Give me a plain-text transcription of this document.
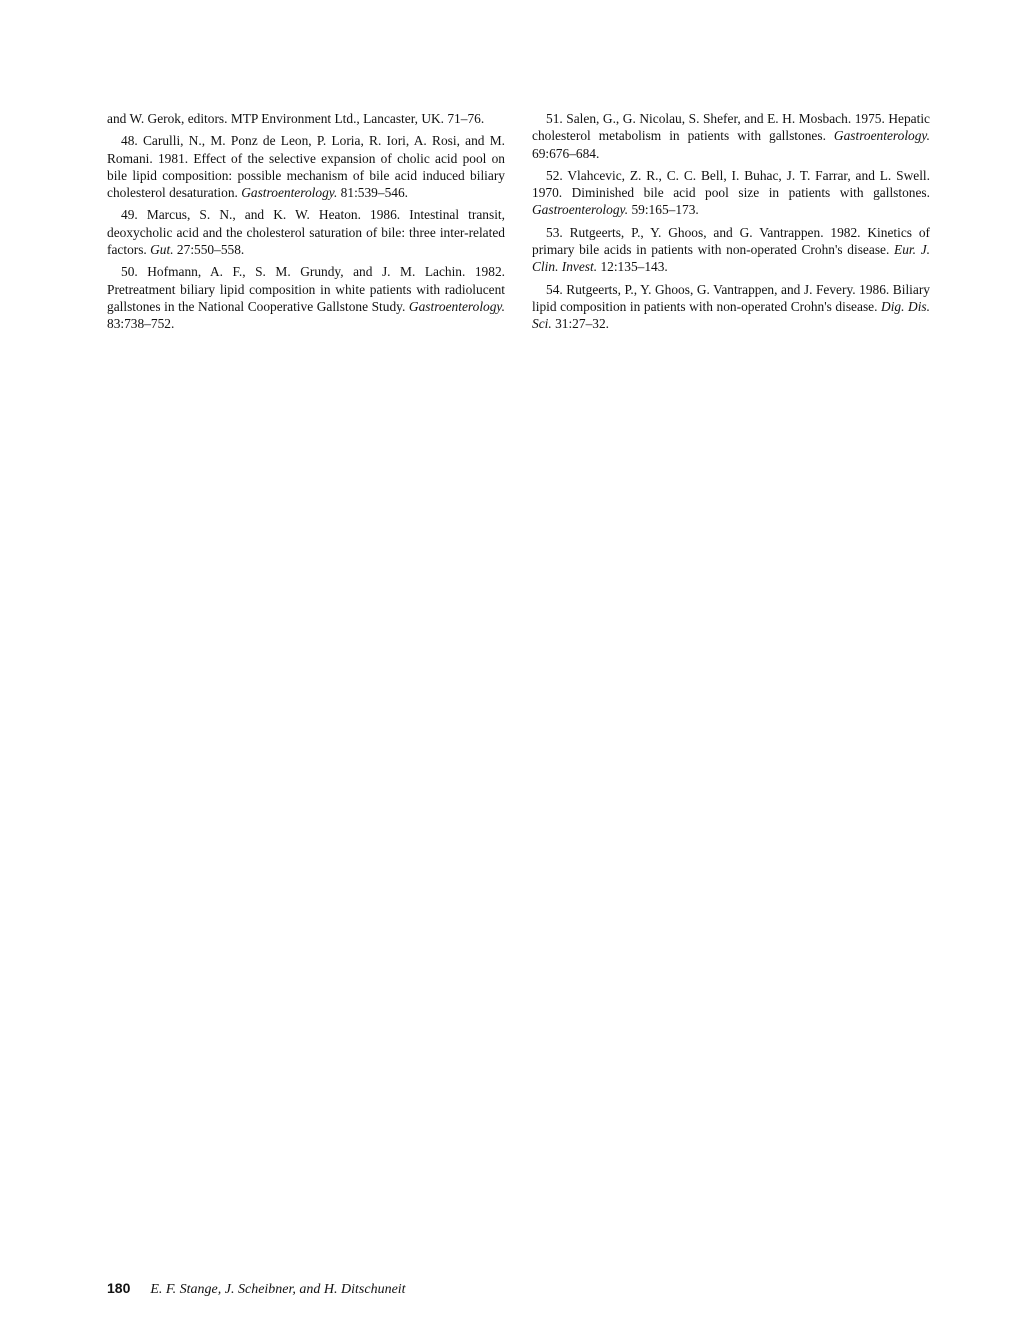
and W. Gerok, editors. MTP Environment Ltd., Lancaster, UK. 71–76.

48. Carulli, N., M. Ponz de Leon, P. Loria, R. Iori, A. Rosi, and M. Romani. 1981. Effect of the selective expansion of cholic acid pool on bile lipid composition: possible mechanism of bile acid induced biliary cholesterol desaturation. Gastroenterology. 81:539–546.

49. Marcus, S. N., and K. W. Heaton. 1986. Intestinal transit, deoxycholic acid and the cholesterol saturation of bile: three inter-related factors. Gut. 27:550–558.

50. Hofmann, A. F., S. M. Grundy, and J. M. Lachin. 1982. Pretreatment biliary lipid composition in white patients with radiolucent gallstones in the National Cooperative Gallstone Study. Gastroenterology. 83:738–752.

51. Salen, G., G. Nicolau, S. Shefer, and E. H. Mosbach. 1975. Hepatic cholesterol metabolism in patients with gallstones. Gastroenterology. 69:676–684.

52. Vlahcevic, Z. R., C. C. Bell, I. Buhac, J. T. Farrar, and L. Swell. 1970. Diminished bile acid pool size in patients with gallstones. Gastroenterology. 59:165–173.

53. Rutgeerts, P., Y. Ghoos, and G. Vantrappen. 1982. Kinetics of primary bile acids in patients with non-operated Crohn's disease. Eur. J. Clin. Invest. 12:135–143.

54. Rutgeerts, P., Y. Ghoos, G. Vantrappen, and J. Fevery. 1986. Biliary lipid composition in patients with non-operated Crohn's disease. Dig. Dis. Sci. 31:27–32.

180 E. F. Stange, J. Scheibner, and H. Ditschuneit
